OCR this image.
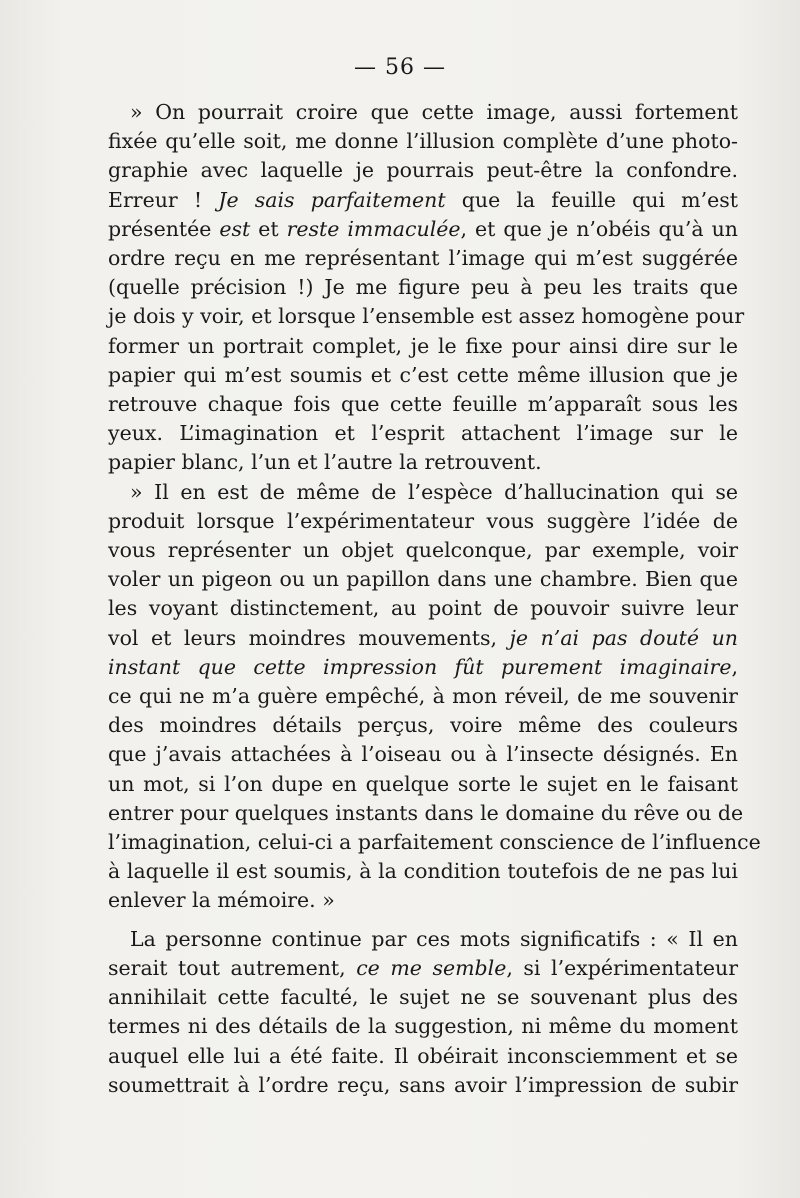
— 56 —
» On pourrait croire que cette image, aussi fortement
fixée qu’elle soit, me donne l’illusion complète d’une photo-
graphie avec laquelle je pourrais peut-être la confondre.
Erreur ! Je sais parfaitement que la feuille qui m’est
présentée est et reste immaculée, et que je n’obéis qu’à un
ordre reçu en me représentant l’image qui m’est suggérée
(quelle précision !) Je me figure peu à peu les traits que
je dois y voir, et lorsque l’ensemble est assez homogène pour
former un portrait complet, je le fixe pour ainsi dire sur le
papier qui m’est soumis et c’est cette même illusion que je
retrouve chaque fois que cette feuille m’apparaît sous les
yeux. L’imagination et l’esprit attachent l’image sur le
papier blanc, l’un et l’autre la retrouvent.
» Il en est de même de l’espèce d’hallucination qui se
produit lorsque l’expérimentateur vous suggère l’idée de
vous représenter un objet quelconque, par exemple, voir
voler un pigeon ou un papillon dans une chambre. Bien que
les voyant distinctement, au point de pouvoir suivre leur
vol et leurs moindres mouvements, je n’ai pas douté un
instant que cette impression fût purement imaginaire,
ce qui ne m’a guère empêché, à mon réveil, de me souvenir
des moindres détails perçus, voire même des couleurs
que j’avais attachées à l’oiseau ou à l’insecte désignés. En
un mot, si l’on dupe en quelque sorte le sujet en le faisant
entrer pour quelques instants dans le domaine du rêve ou de
l’imagination, celui-ci a parfaitement conscience de l’influence
à laquelle il est soumis, à la condition toutefois de ne pas lui
enlever la mémoire. »
La personne continue par ces mots significatifs : « Il en
serait tout autrement, ce me semble, si l’expérimentateur
annihilait cette faculté, le sujet ne se souvenant plus des
termes ni des détails de la suggestion, ni même du moment
auquel elle lui a été faite. Il obéirait inconsciemment et se
soumettrait à l’ordre reçu, sans avoir l’impression de subir
